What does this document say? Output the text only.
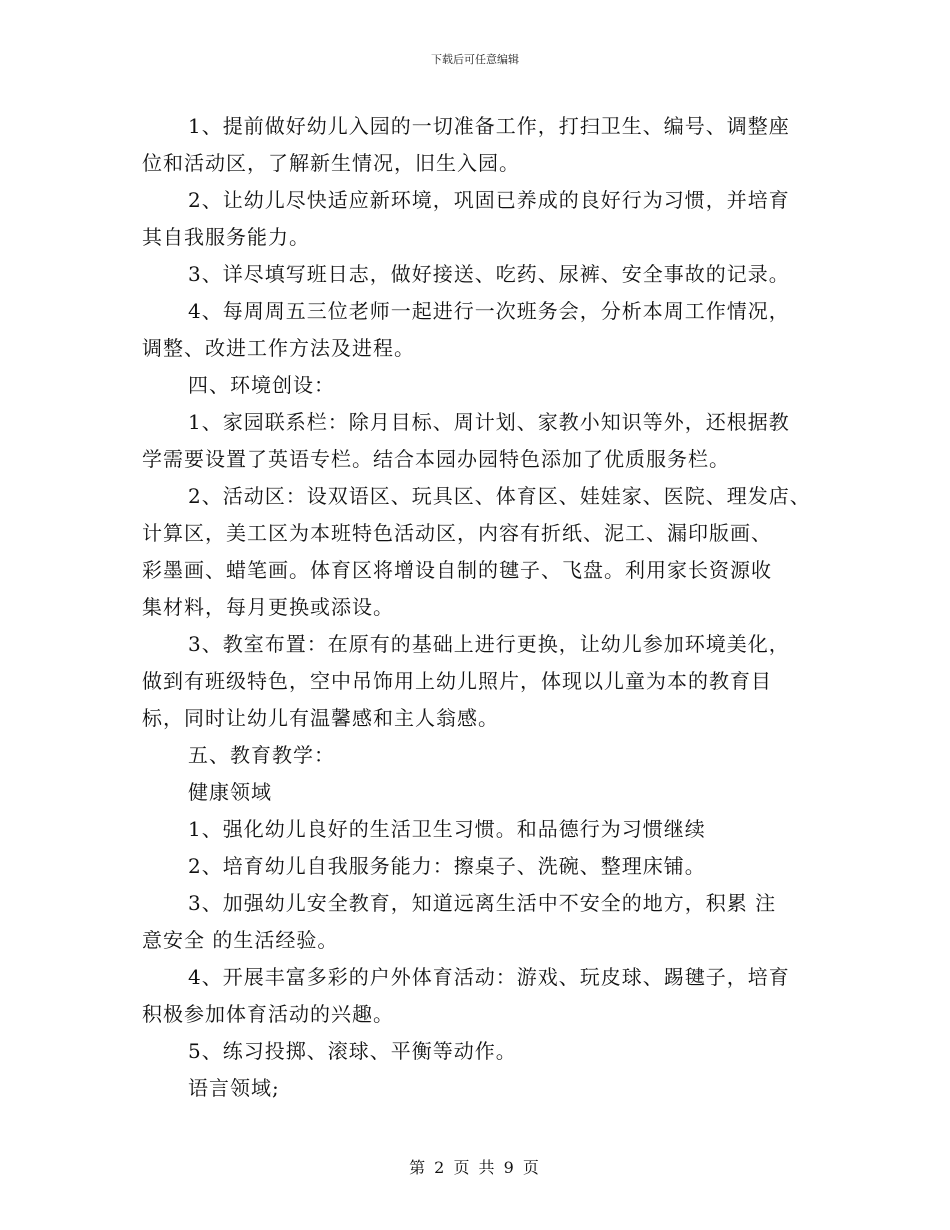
下载后可任意编辑
1、提前做好幼儿入园的一切准备工作，打扫卫生、编号、调整座
位和活动区，了解新生情况，旧生入园。
2、让幼儿尽快适应新环境，巩固已养成的良好行为习惯，并培育
其自我服务能力。
3、详尽填写班日志，做好接送、吃药、尿裤、安全事故的记录。
4、每周周五三位老师一起进行一次班务会，分析本周工作情况，
调整、改进工作方法及进程。
四、环境创设：
1、家园联系栏：除月目标、周计划、家教小知识等外，还根据教
学需要设置了英语专栏。结合本园办园特色添加了优质服务栏。
2、活动区：设双语区、玩具区、体育区、娃娃家、医院、理发店、
计算区，美工区为本班特色活动区，内容有折纸、泥工、漏印版画、
彩墨画、蜡笔画。体育区将增设自制的毽子、飞盘。利用家长资源收
集材料，每月更换或添设。
3、教室布置：在原有的基础上进行更换，让幼儿参加环境美化，
做到有班级特色，空中吊饰用上幼儿照片，体现以儿童为本的教育目
标，同时让幼儿有温馨感和主人翁感。
五、教育教学：
健康领域
1、强化幼儿良好的生活卫生习惯。和品德行为习惯继续
2、培育幼儿自我服务能力：擦桌子、洗碗、整理床铺。
3、加强幼儿安全教育，知道远离生活中不安全的地方，积累 注
意安全 的生活经验。
4、开展丰富多彩的户外体育活动：游戏、玩皮球、踢毽子，培育
积极参加体育活动的兴趣。
5、练习投掷、滚球、平衡等动作。
语言领域;
第 2 页 共 9 页
